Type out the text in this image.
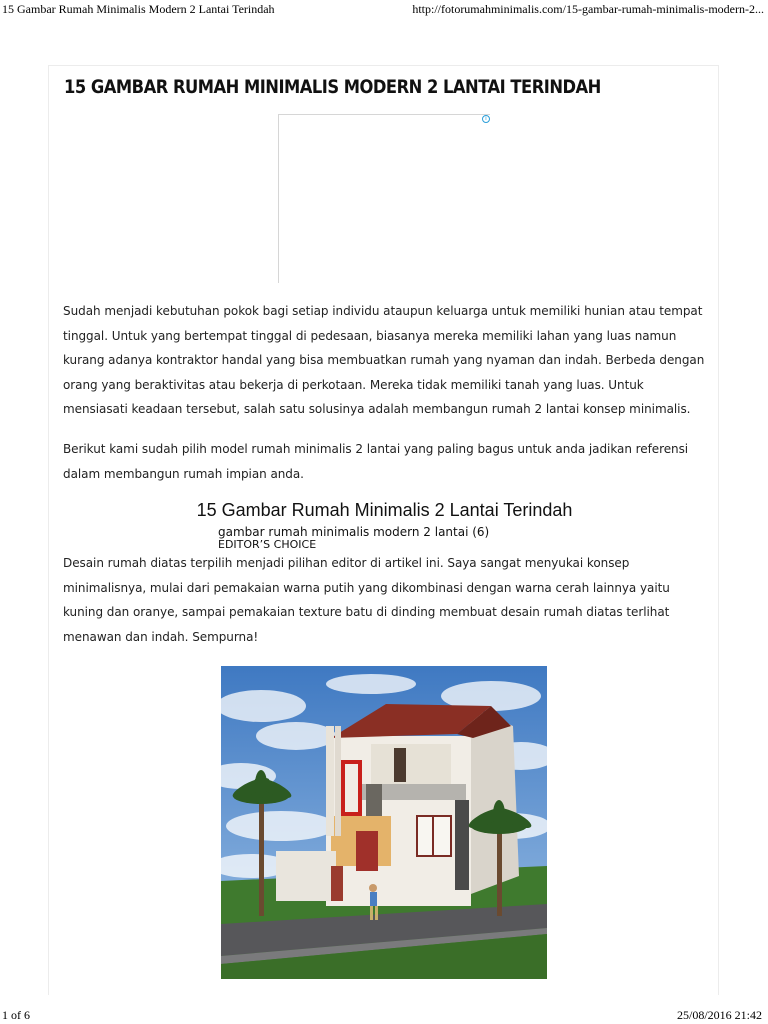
15 Gambar Rumah Minimalis Modern 2 Lantai Terindah	http://fotorumahminimalis.com/15-gambar-rumah-minimalis-modern-2...
15 GAMBAR RUMAH MINIMALIS MODERN 2 LANTAI TERINDAH
i

Sudah menjadi kebutuhan pokok bagi setiap individu ataupun keluarga untuk memiliki hunian atau tempat tinggal. Untuk yang bertempat tinggal di pedesaan, biasanya mereka memiliki lahan yang luas namun kurang adanya kontraktor handal yang bisa membuatkan rumah yang nyaman dan indah. Berbeda dengan orang yang beraktivitas atau bekerja di perkotaan. Mereka tidak memiliki tanah yang luas. Untuk mensiasati keadaan tersebut, salah satu solusinya adalah membangun rumah 2 lantai konsep minimalis.

Berikut kami sudah pilih model rumah minimalis 2 lantai yang paling bagus untuk anda jadikan referensi dalam membangun rumah impian anda.

15 Gambar Rumah Minimalis 2 Lantai Terindah
gambar rumah minimalis modern 2 lantai (6)
EDITOR’S CHOICE

Desain rumah diatas terpilih menjadi pilihan editor di artikel ini. Saya sangat menyukai konsep minimalisnya, mulai dari pemakaian warna putih yang dikombinasi dengan warna cerah lainnya yaitu kuning dan oranye, sampai pemakaian texture batu di dinding membuat desain rumah diatas terlihat menawan dan indah. Sempurna!

1 of 6	25/08/2016 21:42
